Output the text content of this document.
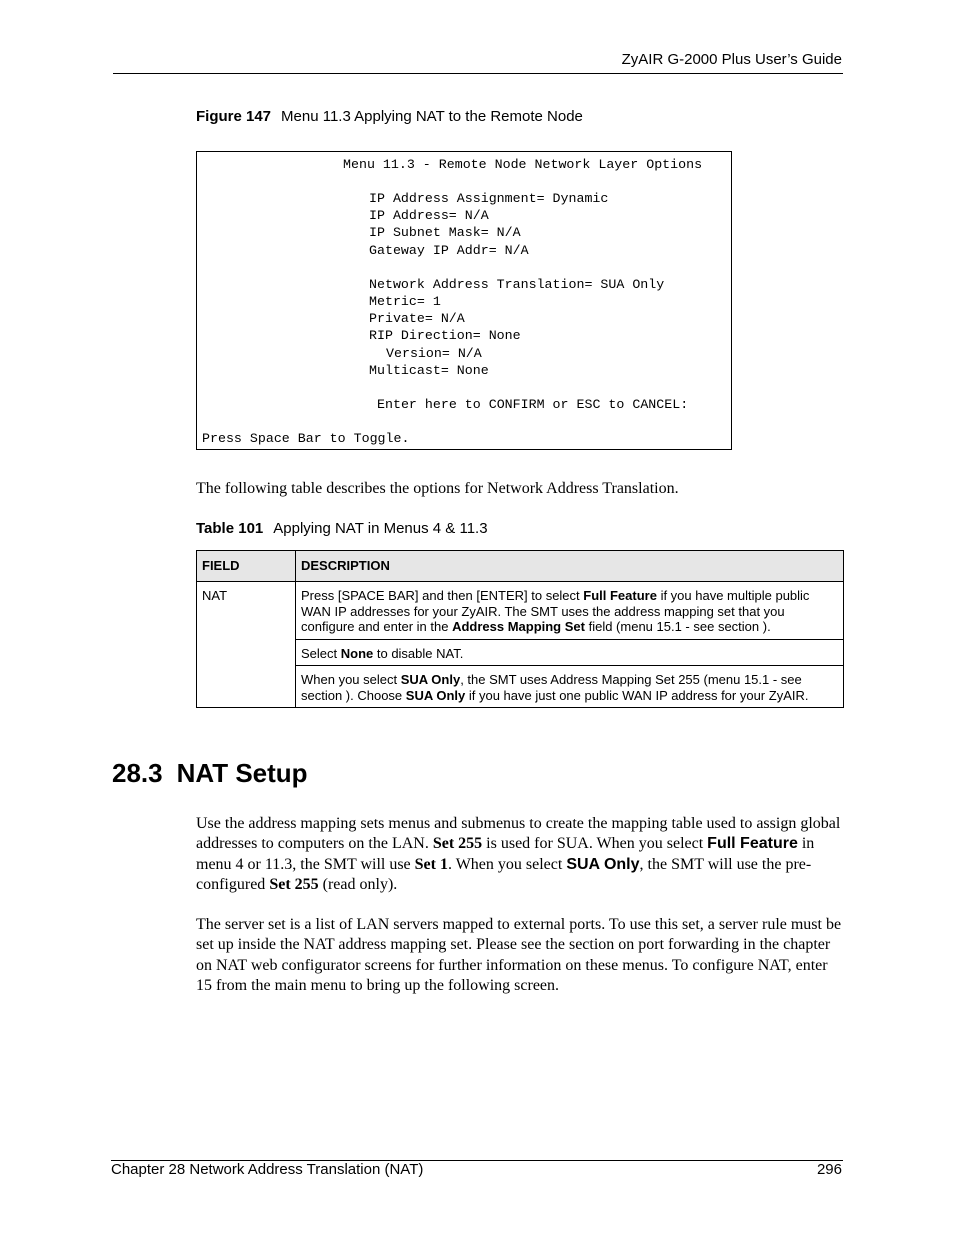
ZyAIR G-2000 Plus User’s Guide
Figure 147 Menu 11.3 Applying NAT to the Remote Node
Menu 11.3 - Remote Node Network Layer Options
IP Address Assignment= Dynamic
IP Address= N/A
IP Subnet Mask= N/A
Gateway IP Addr= N/A
Network Address Translation= SUA Only
Metric= 1
Private= N/A
RIP Direction= None
Version= N/A
Multicast= None
Enter here to CONFIRM or ESC to CANCEL:
Press Space Bar to Toggle.
The following table describes the options for Network Address Translation.
Table 101 Applying NAT in Menus 4 & 11.3
FIELD	DESCRIPTION
NAT	Press [SPACE BAR] and then [ENTER] to select Full Feature if you have multiple public WAN IP addresses for your ZyAIR. The SMT uses the address mapping set that you configure and enter in the Address Mapping Set field (menu 15.1 - see section ).
	Select None to disable NAT.
	When you select SUA Only, the SMT uses Address Mapping Set 255 (menu 15.1 - see section ). Choose SUA Only if you have just one public WAN IP address for your ZyAIR.
28.3 NAT Setup

Use the address mapping sets menus and submenus to create the mapping table used to assign global addresses to computers on the LAN. Set 255 is used for SUA. When you select Full Feature in menu 4 or 11.3, the SMT will use Set 1. When you select SUA Only, the SMT will use the pre-configured Set 255 (read only).

The server set is a list of LAN servers mapped to external ports. To use this set, a server rule must be set up inside the NAT address mapping set. Please see the section on port forwarding in the chapter on NAT web configurator screens for further information on these menus. To configure NAT, enter 15 from the main menu to bring up the following screen.

Chapter 28 Network Address Translation (NAT)	296
